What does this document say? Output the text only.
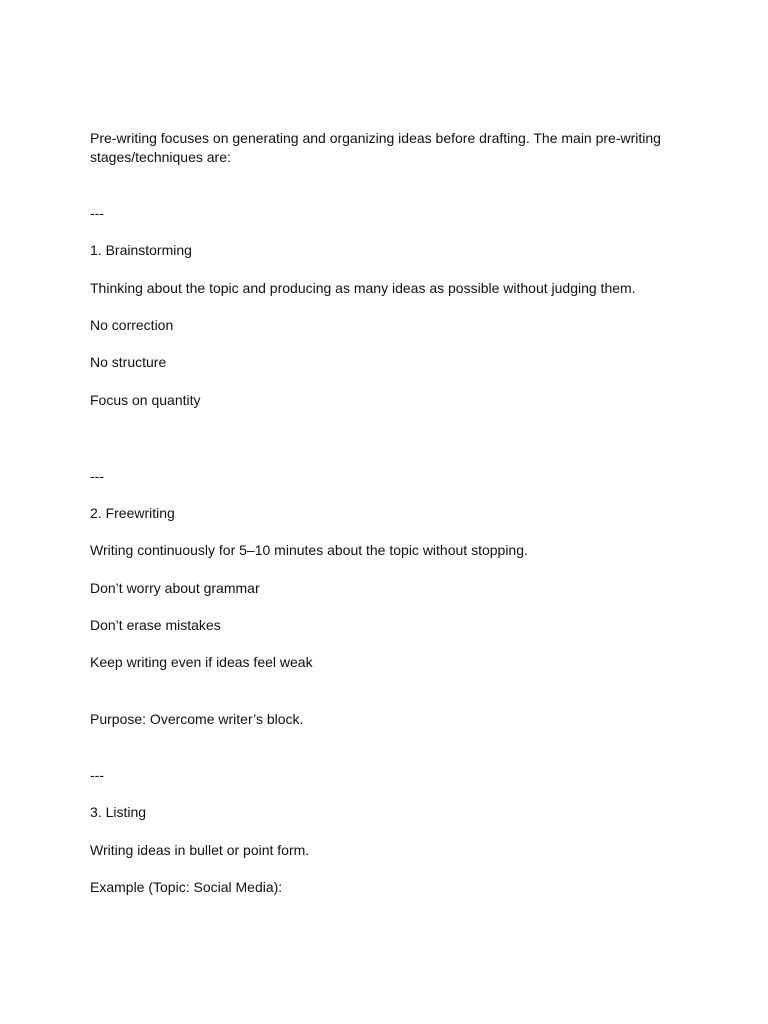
Pre-writing focuses on generating and organizing ideas before drafting. The main pre-writing stages/techniques are:

---

1. Brainstorming

Thinking about the topic and producing as many ideas as possible without judging them.

No correction

No structure

Focus on quantity

---

2. Freewriting

Writing continuously for 5–10 minutes about the topic without stopping.

Don’t worry about grammar

Don’t erase mistakes

Keep writing even if ideas feel weak

Purpose: Overcome writer’s block.

---

3. Listing

Writing ideas in bullet or point form.

Example (Topic: Social Media):
